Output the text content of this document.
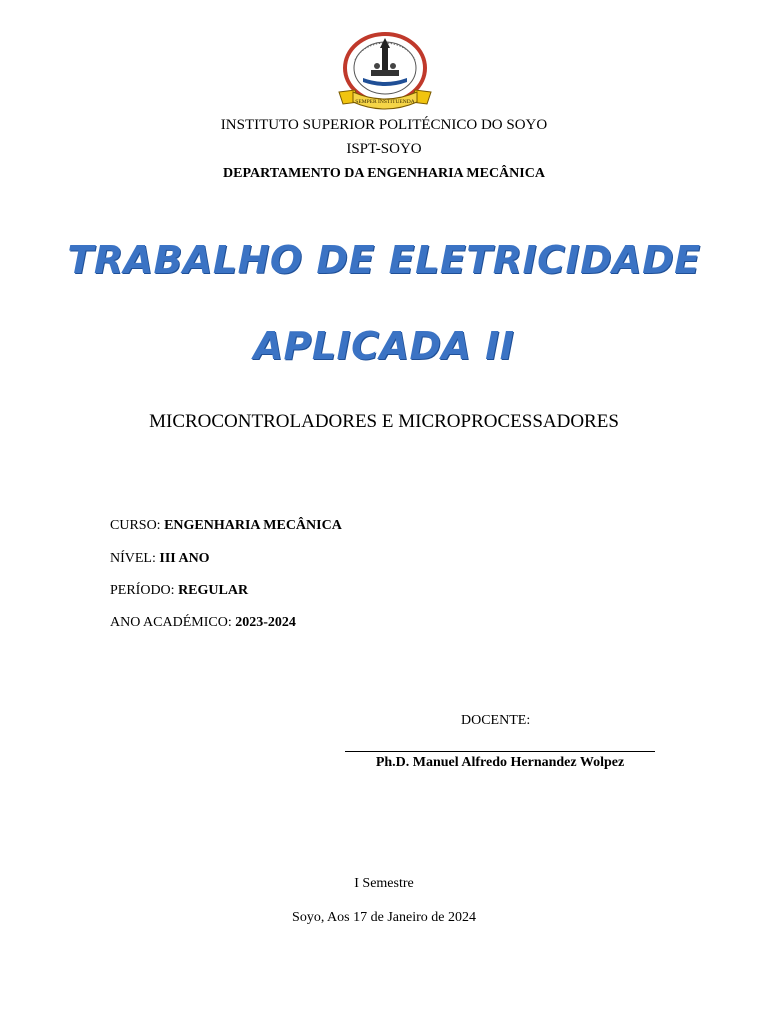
SEMPER INSTITUENDA
INSTITUTO SUPERIOR POLITÉCNICO DO SOYO
ISPT-SOYO
DEPARTAMENTO DA ENGENHARIA MECÂNICA
TRABALHO DE ELETRICIDADE
APLICADA II
MICROCONTROLADORES E MICROPROCESSADORES
CURSO: ENGENHARIA MECÂNICA
NÍVEL: III ANO
PERÍODO: REGULAR
ANO ACADÉMICO: 2023-2024
DOCENTE:
Ph.D. Manuel Alfredo Hernandez Wolpez
I Semestre
Soyo, Aos 17 de Janeiro de 2024
